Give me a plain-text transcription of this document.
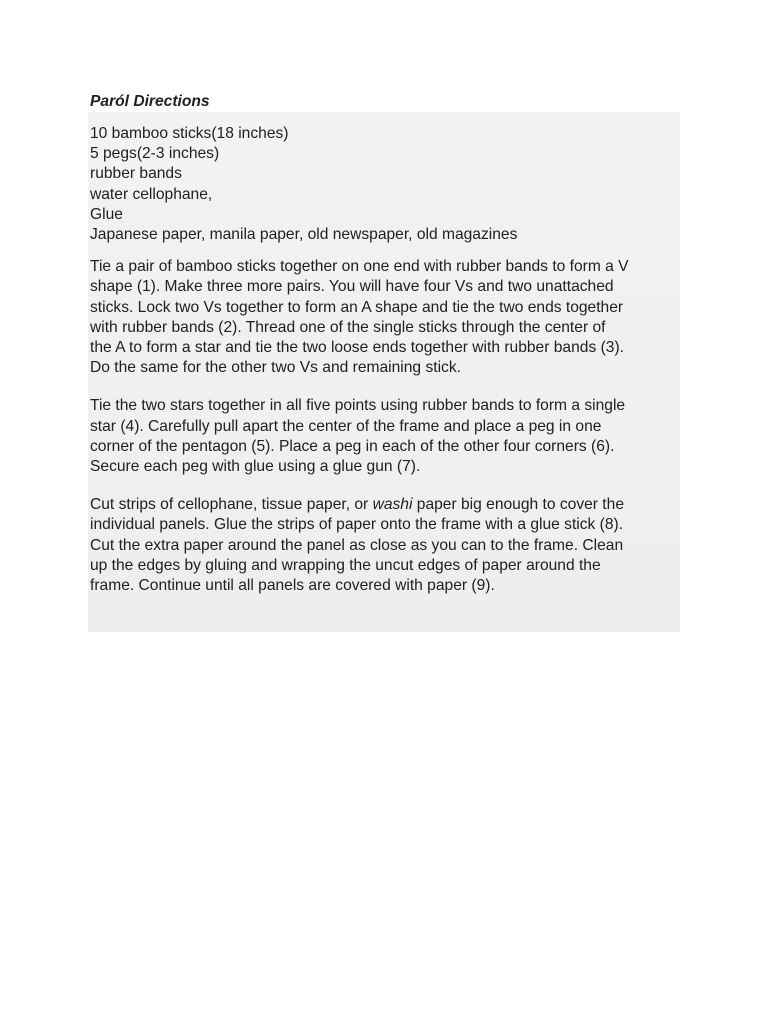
Paról Directions
10 bamboo sticks(18 inches)
5 pegs(2-3 inches)
rubber bands
water cellophane,
Glue
Japanese paper, manila paper, old newspaper, old magazines
Tie a pair of bamboo sticks together on one end with rubber bands to form a V
shape (1). Make three more pairs. You will have four Vs and two unattached
sticks. Lock two Vs together to form an A shape and tie the two ends together
with rubber bands (2). Thread one of the single sticks through the center of
the A to form a star and tie the two loose ends together with rubber bands (3).
Do the same for the other two Vs and remaining stick.
Tie the two stars together in all five points using rubber bands to form a single
star (4). Carefully pull apart the center of the frame and place a peg in one
corner of the pentagon (5). Place a peg in each of the other four corners (6).
Secure each peg with glue using a glue gun (7).
Cut strips of cellophane, tissue paper, or washi paper big enough to cover the
individual panels. Glue the strips of paper onto the frame with a glue stick (8).
Cut the extra paper around the panel as close as you can to the frame. Clean
up the edges by gluing and wrapping the uncut edges of paper around the
frame. Continue until all panels are covered with paper (9).
